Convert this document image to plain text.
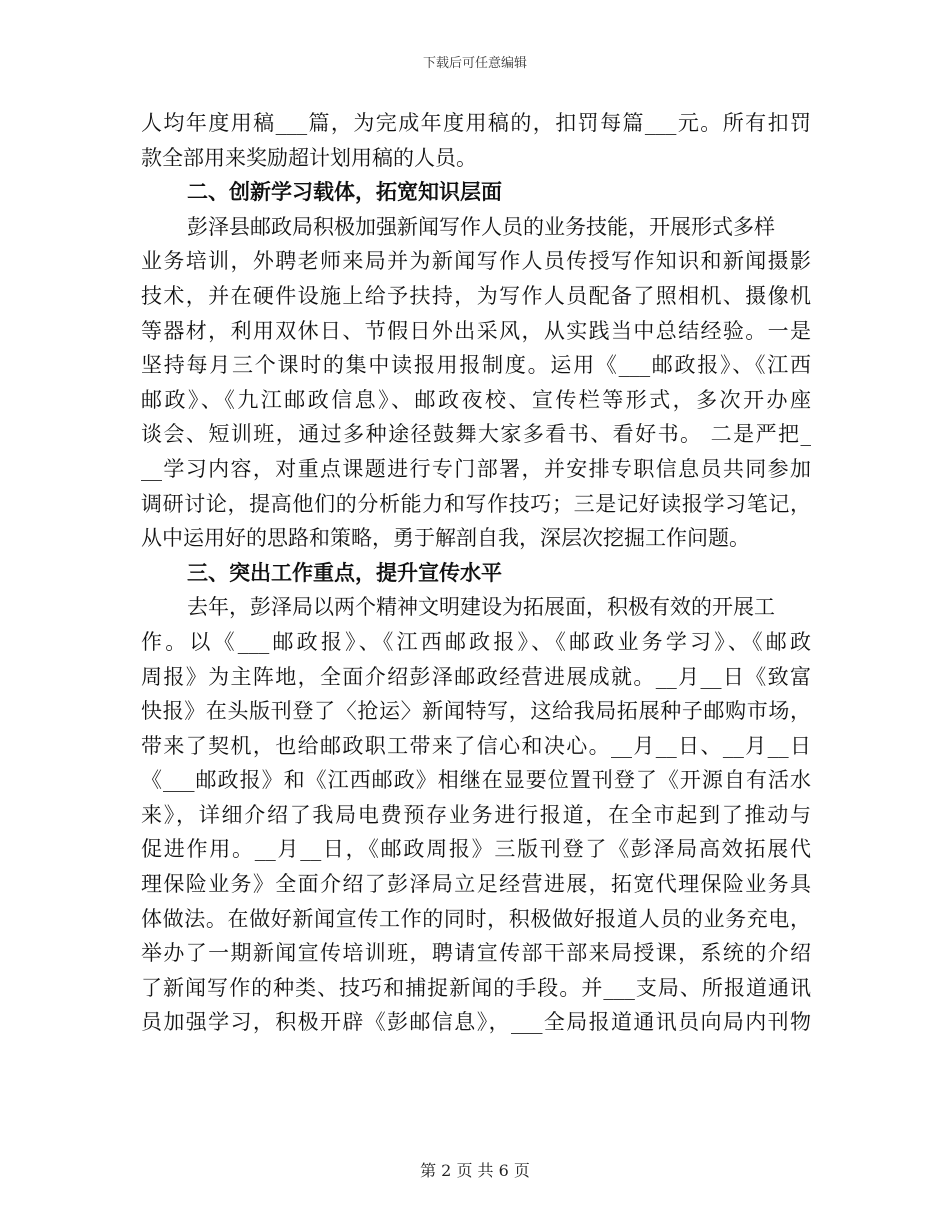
下载后可任意编辑
人均年度用稿___篇，为完成年度用稿的，扣罚每篇___元。所有扣罚
款全部用来奖励超计划用稿的人员。
二、创新学习载体，拓宽知识层面
彭泽县邮政局积极加强新闻写作人员的业务技能，开展形式多样
业务培训，外聘老师来局并为新闻写作人员传授写作知识和新闻摄影
技术，并在硬件设施上给予扶持，为写作人员配备了照相机、摄像机
等器材，利用双休日、节假日外出采风，从实践当中总结经验。一是
坚持每月三个课时的集中读报用报制度。运用《___邮政报》、《江西
邮政》、《九江邮政信息》、邮政夜校、宣传栏等形式，多次开办座
谈会、短训班，通过多种途径鼓舞大家多看书、看好书。 二是严把_
__学习内容，对重点课题进行专门部署，并安排专职信息员共同参加
调研讨论，提高他们的分析能力和写作技巧；三是记好读报学习笔记，
从中运用好的思路和策略，勇于解剖自我，深层次挖掘工作问题。
三、突出工作重点，提升宣传水平
去年，彭泽局以两个精神文明建设为拓展面，积极有效的开展工
作。以《___邮政报》、《江西邮政报》、《邮政业务学习》、《邮政
周报》为主阵地，全面介绍彭泽邮政经营进展成就。__月__日《致富
快报》在头版刊登了〈抢运〉新闻特写，这给我局拓展种子邮购市场，
带来了契机，也给邮政职工带来了信心和决心。__月__日、__月__日
《___邮政报》和《江西邮政》相继在显要位置刊登了《开源自有活水
来》，详细介绍了我局电费预存业务进行报道，在全市起到了推动与
促进作用。__月__日，《邮政周报》三版刊登了《彭泽局高效拓展代
理保险业务》全面介绍了彭泽局立足经营进展，拓宽代理保险业务具
体做法。在做好新闻宣传工作的同时，积极做好报道人员的业务充电，
举办了一期新闻宣传培训班，聘请宣传部干部来局授课，系统的介绍
了新闻写作的种类、技巧和捕捉新闻的手段。并___支局、所报道通讯
员加强学习，积极开辟《彭邮信息》，___全局报道通讯员向局内刊物
第 2 页 共 6 页
